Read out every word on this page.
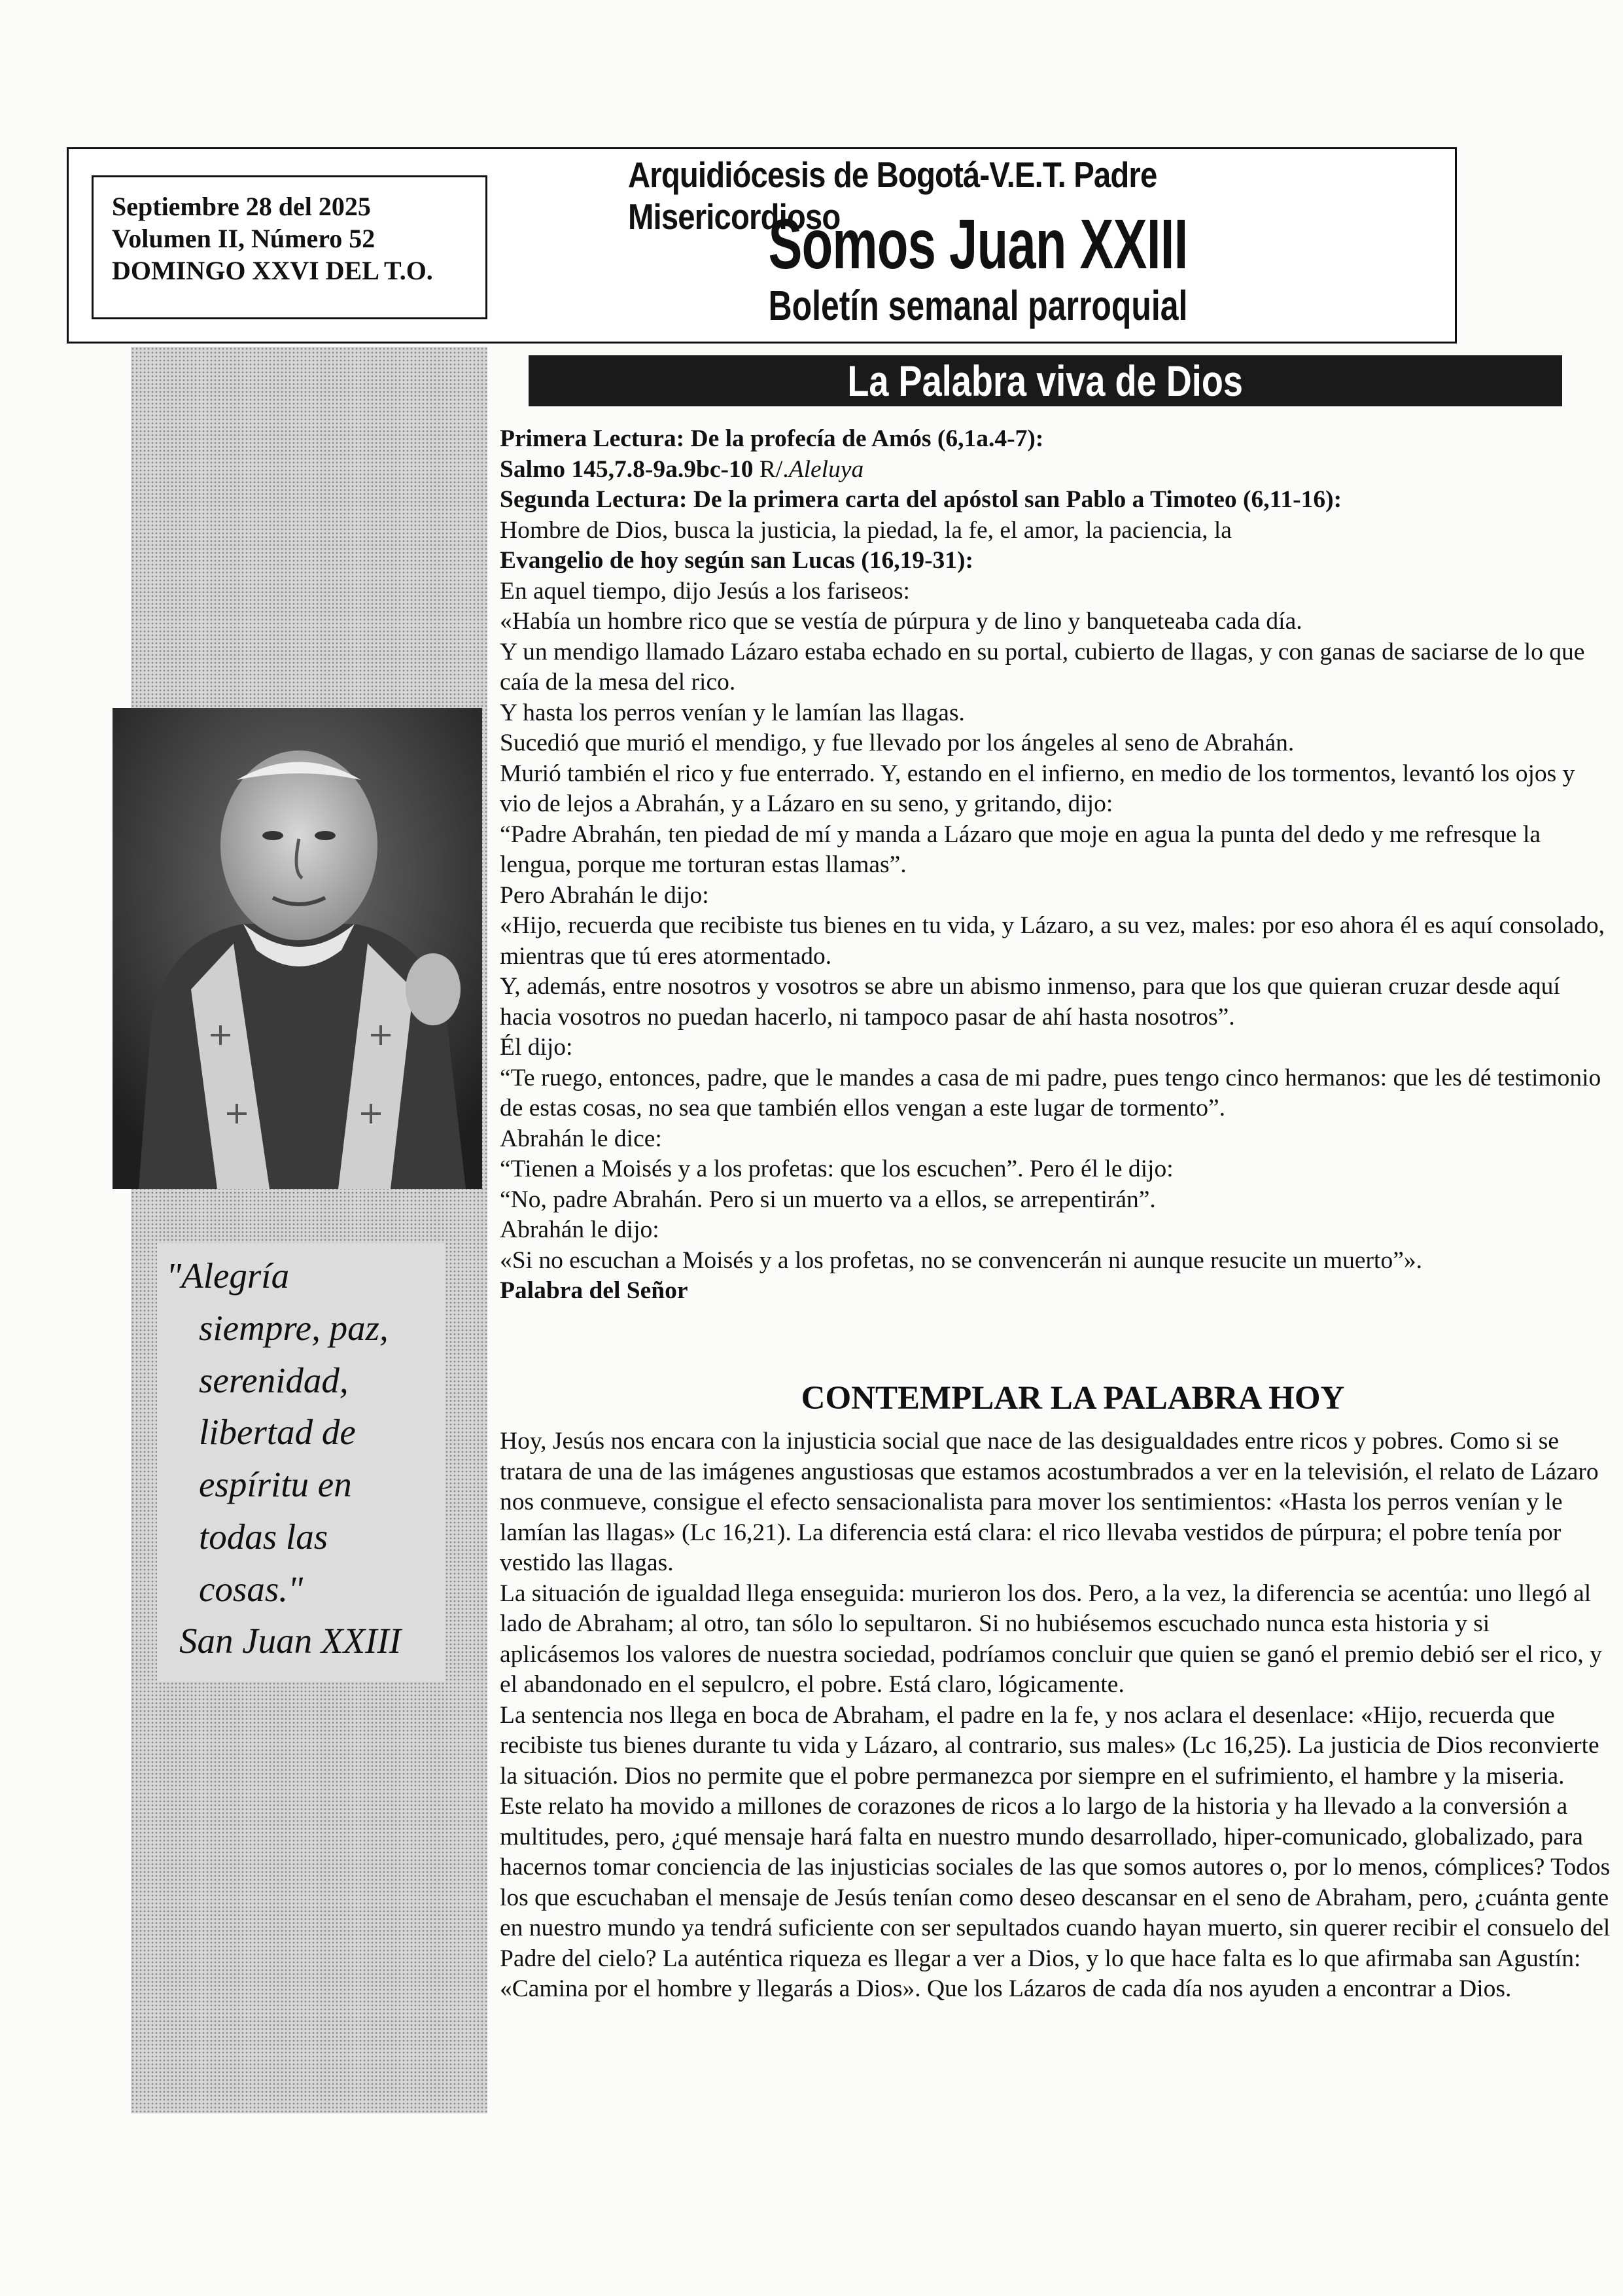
Septiembre 28 del 2025
Volumen II, Número 52
DOMINGO XXVI DEL T.O.
Arquidiócesis de Bogotá-V.E.T. Padre Misericordioso
Somos Juan XXIII
Boletín semanal parroquial
"Alegría
siempre, paz,
serenidad,
libertad de
espíritu en
todas las
cosas."
San Juan XXIII
La Palabra viva de Dios

Primera Lectura: De la profecía de Amós (6,1a.4-7):

Salmo 145,7.8-9a.9bc-10 R/.Aleluya

Segunda Lectura: De la primera carta del apóstol san Pablo a Timoteo (6,11-16):

Hombre de Dios, busca la justicia, la piedad, la fe, el amor, la paciencia, la

Evangelio de hoy según san Lucas (16,19-31):

En aquel tiempo, dijo Jesús a los fariseos:

«Había un hombre rico que se vestía de púrpura y de lino y banqueteaba cada día.

Y un mendigo llamado Lázaro estaba echado en su portal, cubierto de llagas, y con ganas de saciarse de lo que caía de la mesa del rico.

Y hasta los perros venían y le lamían las llagas.

Sucedió que murió el mendigo, y fue llevado por los ángeles al seno de Abrahán.

Murió también el rico y fue enterrado. Y, estando en el infierno, en medio de los tormentos, levantó los ojos y vio de lejos a Abrahán, y a Lázaro en su seno, y gritando, dijo:

“Padre Abrahán, ten piedad de mí y manda a Lázaro que moje en agua la punta del dedo y me refresque la lengua, porque me torturan estas llamas”.

Pero Abrahán le dijo:

«Hijo, recuerda que recibiste tus bienes en tu vida, y Lázaro, a su vez, males: por eso ahora él es aquí consolado, mientras que tú eres atormentado.

Y, además, entre nosotros y vosotros se abre un abismo inmenso, para que los que quieran cruzar desde aquí hacia vosotros no puedan hacerlo, ni tampoco pasar de ahí hasta nosotros”.

Él dijo:

“Te ruego, entonces, padre, que le mandes a casa de mi padre, pues tengo cinco hermanos: que les dé testimonio de estas cosas, no sea que también ellos vengan a este lugar de tormento”.

Abrahán le dice:

“Tienen a Moisés y a los profetas: que los escuchen”. Pero él le dijo:

“No, padre Abrahán. Pero si un muerto va a ellos, se arrepentirán”.

Abrahán le dijo:

«Si no escuchan a Moisés y a los profetas, no se convencerán ni aunque resucite un muerto”».

Palabra del Señor

CONTEMPLAR LA PALABRA HOY

Hoy, Jesús nos encara con la injusticia social que nace de las desigualdades entre ricos y pobres. Como si se tratara de una de las imágenes angustiosas que estamos acostumbrados a ver en la televisión, el relato de Lázaro nos conmueve, consigue el efecto sensacionalista para mover los sentimientos: «Hasta los perros venían y le lamían las llagas» (Lc 16,21). La diferencia está clara: el rico llevaba vestidos de púrpura; el pobre tenía por vestido las llagas.

La situación de igualdad llega enseguida: murieron los dos. Pero, a la vez, la diferencia se acentúa: uno llegó al lado de Abraham; al otro, tan sólo lo sepultaron. Si no hubiésemos escuchado nunca esta historia y si aplicásemos los valores de nuestra sociedad, podríamos concluir que quien se ganó el premio debió ser el rico, y el abandonado en el sepulcro, el pobre. Está claro, lógicamente.

La sentencia nos llega en boca de Abraham, el padre en la fe, y nos aclara el desenlace: «Hijo, recuerda que recibiste tus bienes durante tu vida y Lázaro, al contrario, sus males» (Lc 16,25). La justicia de Dios reconvierte la situación. Dios no permite que el pobre permanezca por siempre en el sufrimiento, el hambre y la miseria.

Este relato ha movido a millones de corazones de ricos a lo largo de la historia y ha llevado a la conversión a multitudes, pero, ¿qué mensaje hará falta en nuestro mundo desarrollado, hiper-comunicado, globalizado, para hacernos tomar conciencia de las injusticias sociales de las que somos autores o, por lo menos, cómplices? Todos los que escuchaban el mensaje de Jesús tenían como deseo descansar en el seno de Abraham, pero, ¿cuánta gente en nuestro mundo ya tendrá suficiente con ser sepultados cuando hayan muerto, sin querer recibir el consuelo del Padre del cielo? La auténtica riqueza es llegar a ver a Dios, y lo que hace falta es lo que afirmaba san Agustín: «Camina por el hombre y llegarás a Dios». Que los Lázaros de cada día nos ayuden a encontrar a Dios.
